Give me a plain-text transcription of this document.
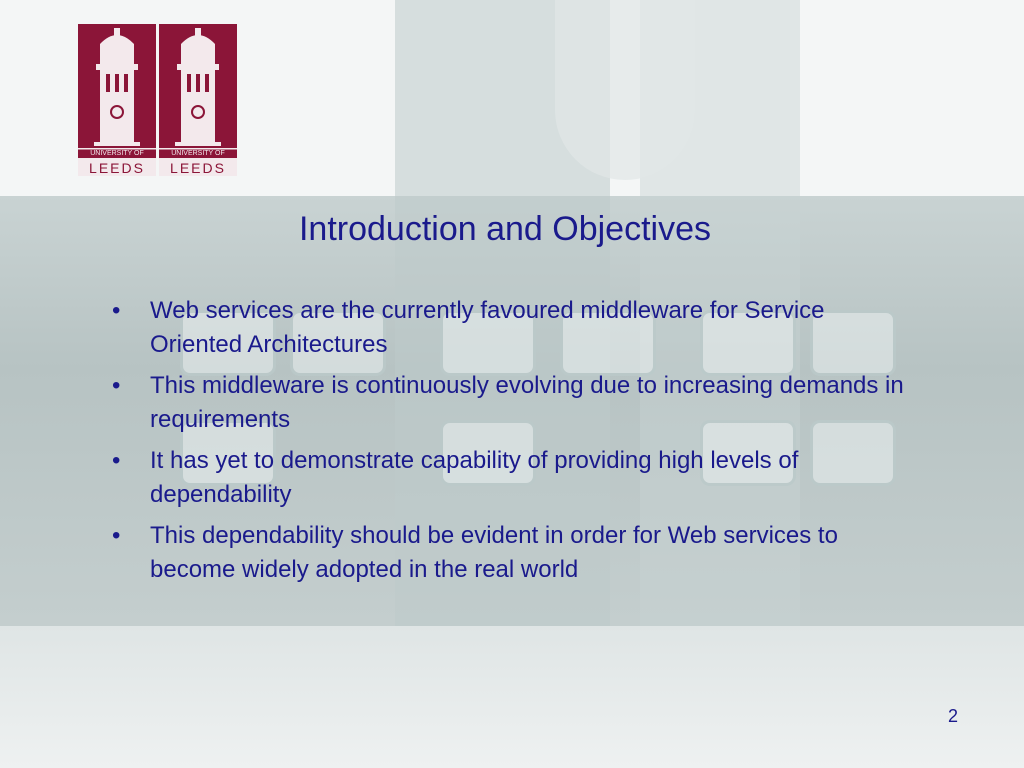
UNIVERSITY OF
LEEDS
UNIVERSITY OF
LEEDS
Introduction and Objectives
• Web services are the currently favoured middleware for Service Oriented Architectures
• This middleware is continuously evolving due to increasing demands in requirements
• It has yet to demonstrate capability of providing high levels of dependability
• This dependability should be evident in order for Web services to become widely adopted in the real world
2
